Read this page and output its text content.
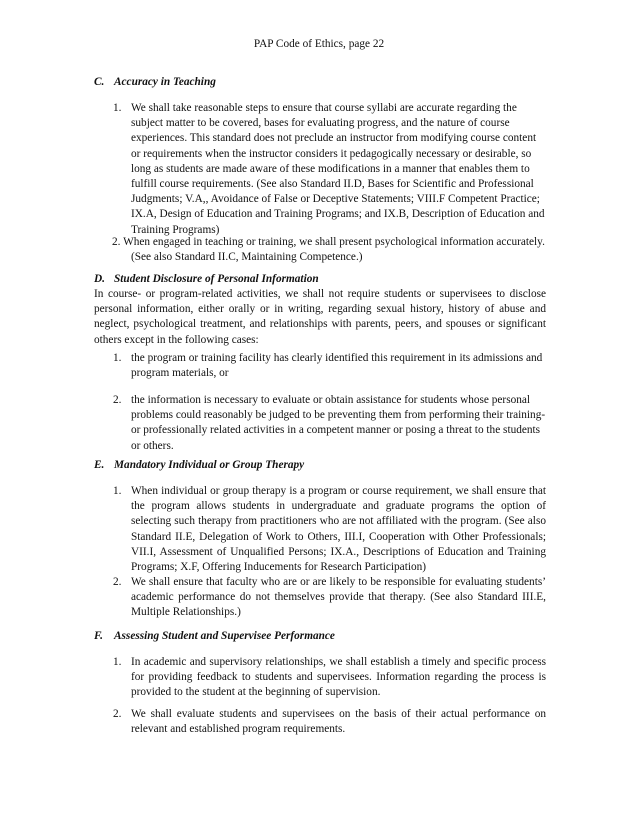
PAP Code of Ethics, page 22
C. Accuracy in Teaching
1. We shall take reasonable steps to ensure that course syllabi are accurate regarding the subject matter to be covered, bases for evaluating progress, and the nature of course experiences. This standard does not preclude an instructor from modifying course content or requirements when the instructor considers it pedagogically necessary or desirable, so long as students are made aware of these modifications in a manner that enables them to fulfill course requirements. (See also Standard II.D, Bases for Scientific and Professional Judgments; V.A,, Avoidance of False or Deceptive Statements; VIII.F Competent Practice; IX.A, Design of Education and Training Programs; and IX.B, Description of Education and Training Programs)
2. When engaged in teaching or training, we shall present psychological information accurately. (See also Standard II.C, Maintaining Competence.)
D. Student Disclosure of Personal Information
In course- or program-related activities, we shall not require students or supervisees to disclose personal information, either orally or in writing, regarding sexual history, history of abuse and neglect, psychological treatment, and relationships with parents, peers, and spouses or significant others except in the following cases:
1. the program or training facility has clearly identified this requirement in its admissions and program materials, or
2. the information is necessary to evaluate or obtain assistance for students whose personal problems could reasonably be judged to be preventing them from performing their training- or professionally related activities in a competent manner or posing a threat to the students or others.
E. Mandatory Individual or Group Therapy
1. When individual or group therapy is a program or course requirement, we shall ensure that the program allows students in undergraduate and graduate programs the option of selecting such therapy from practitioners who are not affiliated with the program. (See also Standard II.E, Delegation of Work to Others, III.I, Cooperation with Other Professionals; VII.I, Assessment of Unqualified Persons; IX.A., Descriptions of Education and Training Programs; X.F, Offering Inducements for Research Participation)
2. We shall ensure that faculty who are or are likely to be responsible for evaluating students’ academic performance do not themselves provide that therapy. (See also Standard III.E, Multiple Relationships.)
F. Assessing Student and Supervisee Performance
1. In academic and supervisory relationships, we shall establish a timely and specific process for providing feedback to students and supervisees. Information regarding the process is provided to the student at the beginning of supervision.
2. We shall evaluate students and supervisees on the basis of their actual performance on relevant and established program requirements.
